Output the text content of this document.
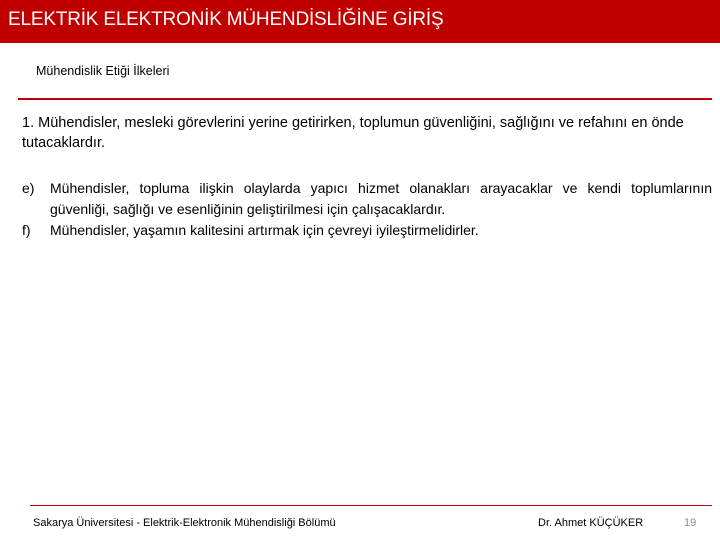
ELEKTRİK ELEKTRONİK MÜHENDİSLİĞİNE GİRİŞ
Mühendislik Etiği İlkeleri
1. Mühendisler, mesleki görevlerini yerine getirirken, toplumun güvenliğini, sağlığını ve refahını en önde tutacaklardır.
e)	Mühendisler, topluma ilişkin olaylarda yapıcı hizmet olanakları arayacaklar ve kendi toplumlarının güvenliği, sağlığı ve esenliğinin geliştirilmesi için çalışacaklardır.
f)	Mühendisler, yaşamın kalitesini artırmak için çevreyi iyileştirmelidirler.
Sakarya Üniversitesi - Elektrik-Elektronik Mühendisliği Bölümü	Dr. Ahmet KÜÇÜKER	19
